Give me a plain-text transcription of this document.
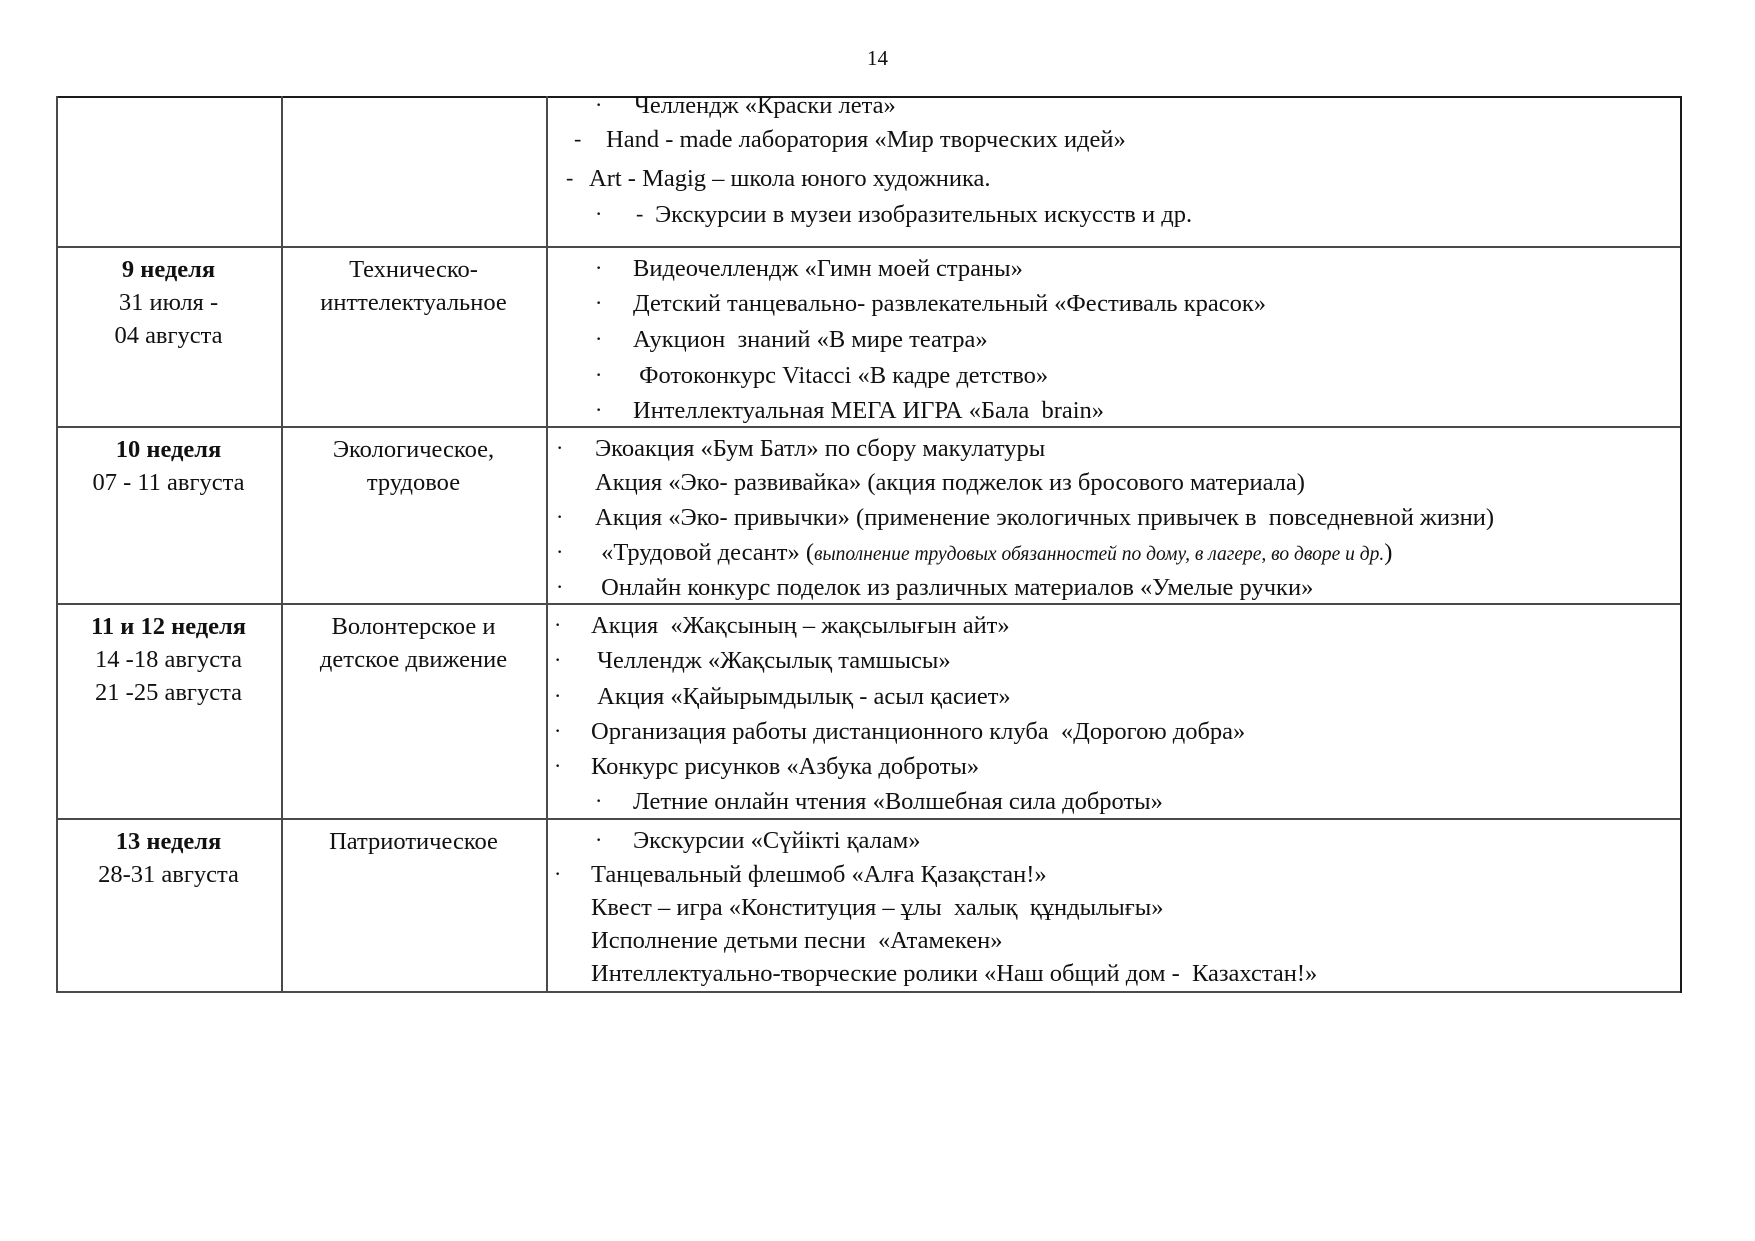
14
· Челлендж «Краски лета»
- Hand - made лаборатория «Мир творческих идей»
- Art - Magig – школа юного художника.
· - Экскурсии в музеи изобразительных искусств и др.
9 неделя
31 июля -
04 августа
Техническо-
инттелектуальное
· Видеочеллендж «Гимн моей страны»
· Детский танцевально- развлекательный «Фестиваль красок»
· Аукцион  знаний «В мире театра»
· Фотоконкурс Vitacci «В кадре детство»
· Интеллектуальная МЕГА ИГРА «Бала  brain»
10 неделя
07 - 11 августа
Экологическое,
трудовое
· Экоакция «Бум Батл» по сбору макулатуры
Акция «Эко- развивайка» (акция поджелок из бросового материала)
· Акция «Эко- привычки» (применение экологичных привычек в  повседневной жизни)
· «Трудовой десант» (выполнение трудовых обязанностей по дому, в лагере, во дворе и др.)
· Онлайн конкурс поделок из различных материалов «Умелые ручки»
11 и 12 неделя
14 -18 августа
21 -25 августа
Волонтерское и
детское движение
· Акция  «Жақсының – жақсылығын айт»
· Челлендж «Жақсылық тамшысы»
· Акция «Қайырымдылық - асыл қасиет»
· Организация работы дистанционного клуба  «Дорогою добра»
· Конкурс рисунков «Азбука доброты»
· Летние онлайн чтения «Волшебная сила доброты»
13 неделя
28-31 августа
Патриотическое	· Экскурсии «Сүйікті қалам»
· Танцевальный флешмоб «Алға Қазақстан!»
Квест – игра «Конституция – ұлы  халық  құндылығы»
Исполнение детьми песни  «Атамекен»
Интеллектуально-творческие ролики «Наш общий дом -  Казахстан!»
